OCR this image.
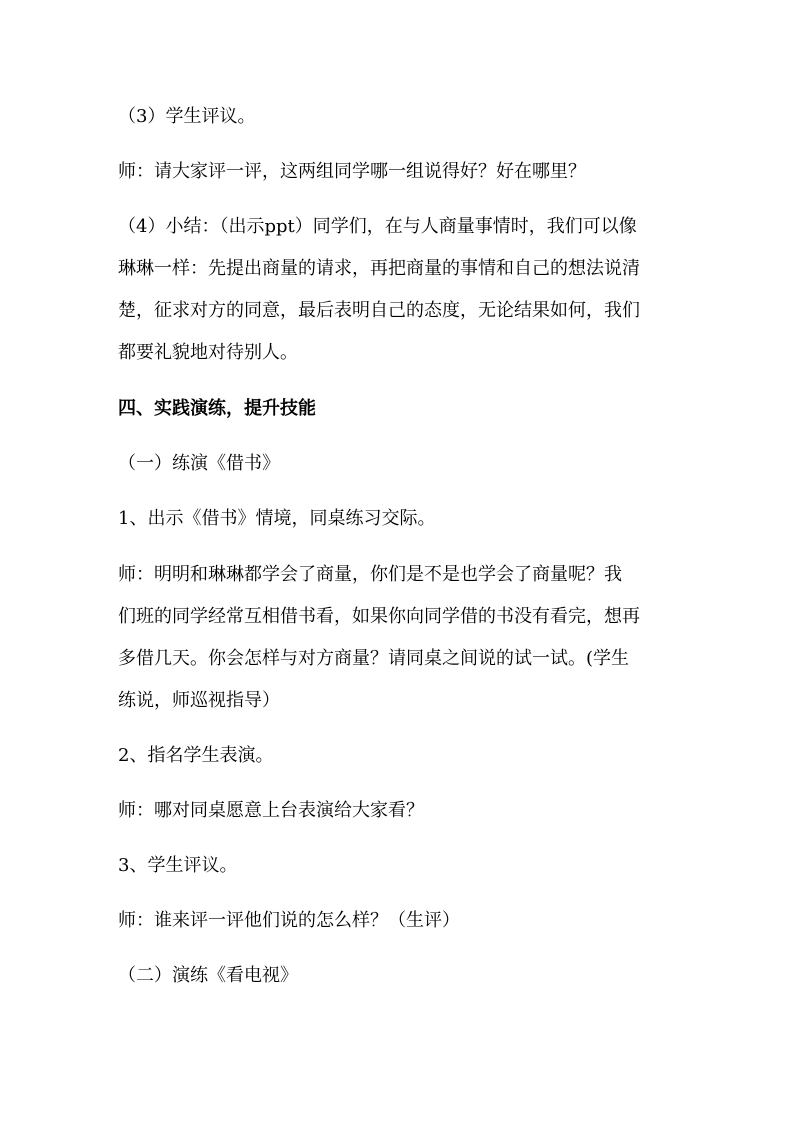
（3）学生评议。

师：请大家评一评，这两组同学哪一组说得好？好在哪里？

（4）小结：（出示ppt）同学们，在与人商量事情时，我们可以像

琳琳一样：先提出商量的请求，再把商量的事情和自己的想法说清

楚，征求对方的同意，最后表明自己的态度，无论结果如何，我们

都要礼貌地对待别人。

四、实践演练，提升技能

（一）练演《借书》

1、出示《借书》情境，同桌练习交际。

师：明明和琳琳都学会了商量，你们是不是也学会了商量呢？我

们班的同学经常互相借书看，如果你向同学借的书没有看完，想再

多借几天。你会怎样与对方商量？请同桌之间说的试一试。(学生

练说，师巡视指导）

2、指名学生表演。

师：哪对同桌愿意上台表演给大家看？

3、学生评议。

师：谁来评一评他们说的怎么样？（生评）

（二）演练《看电视》
